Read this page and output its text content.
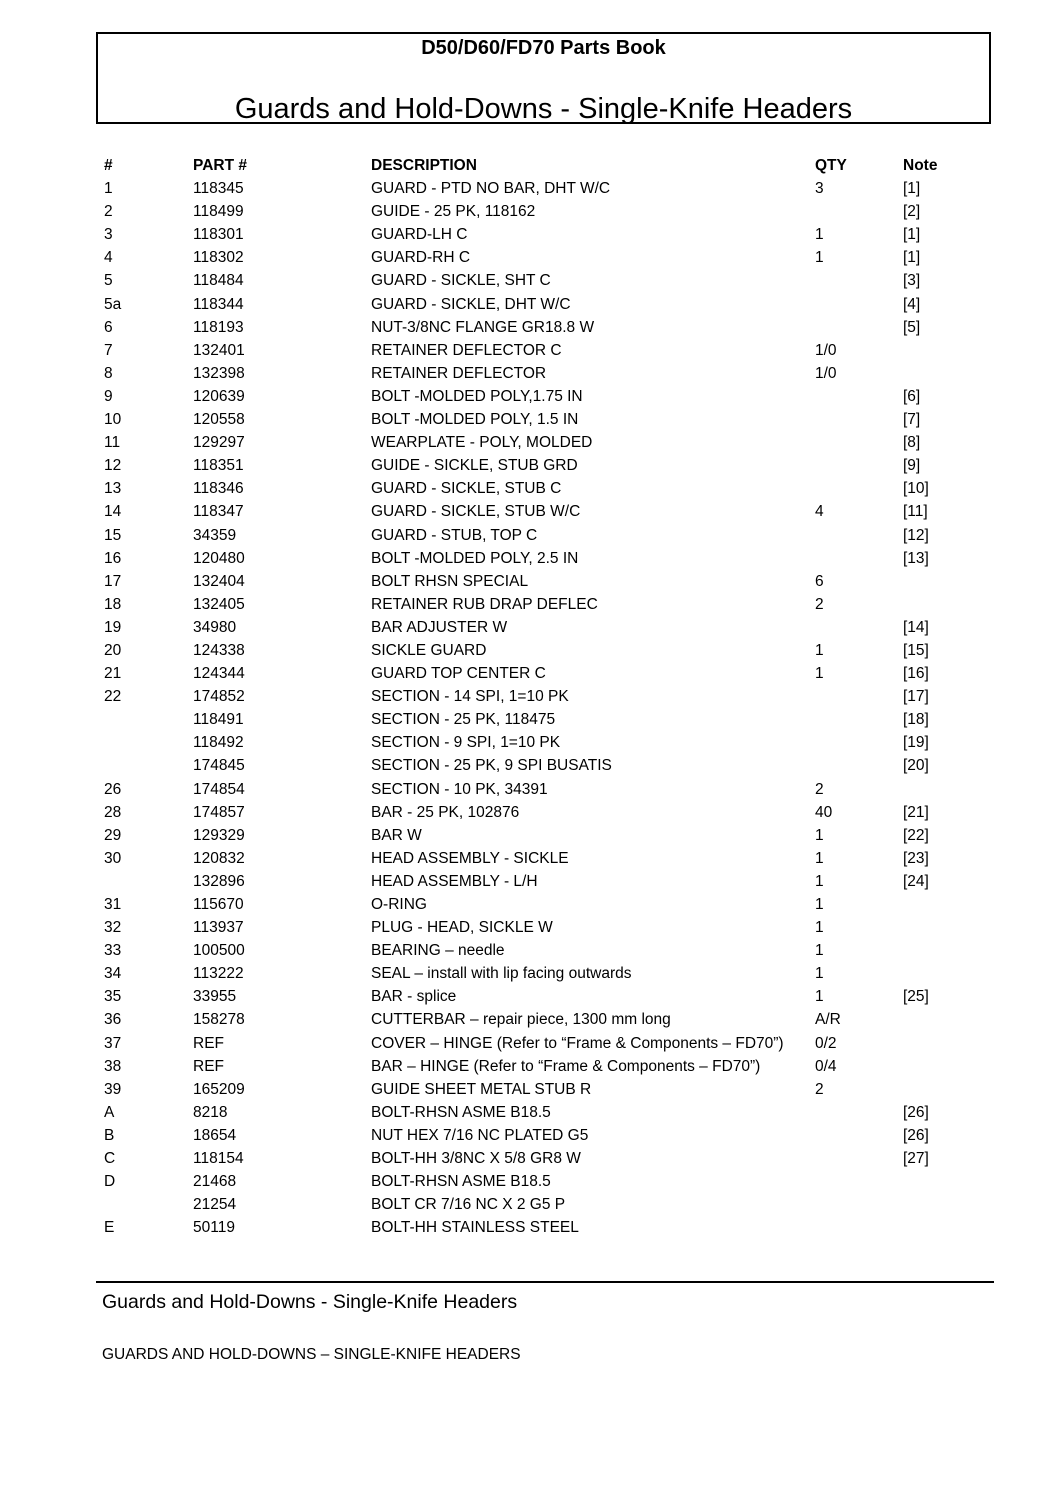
D50/D60/FD70 Parts Book
Guards and Hold-Downs - Single-Knife Headers
#	PART #	DESCRIPTION	QTY	Note
1	118345	GUARD - PTD NO BAR, DHT W/C	3	[1]
2	118499	GUIDE - 25 PK, 118162		[2]
3	118301	GUARD-LH C	1	[1]
4	118302	GUARD-RH C	1	[1]
5	118484	GUARD - SICKLE, SHT C		[3]
5a	118344	GUARD - SICKLE, DHT W/C		[4]
6	118193	NUT-3/8NC FLANGE GR18.8 W		[5]
7	132401	RETAINER DEFLECTOR C	1/0	
8	132398	RETAINER DEFLECTOR	1/0	
9	120639	BOLT -MOLDED POLY,1.75 IN		[6]
10	120558	BOLT -MOLDED POLY, 1.5 IN		[7]
11	129297	WEARPLATE - POLY, MOLDED		[8]
12	118351	GUIDE - SICKLE, STUB GRD		[9]
13	118346	GUARD - SICKLE, STUB C		[10]
14	118347	GUARD - SICKLE, STUB W/C	4	[11]
15	34359	GUARD - STUB, TOP C		[12]
16	120480	BOLT -MOLDED POLY, 2.5 IN		[13]
17	132404	BOLT RHSN SPECIAL	6	
18	132405	RETAINER RUB DRAP DEFLEC	2	
19	34980	BAR ADJUSTER W		[14]
20	124338	SICKLE GUARD	1	[15]
21	124344	GUARD TOP CENTER C	1	[16]
22	174852	SECTION - 14 SPI, 1=10 PK		[17]
	118491	SECTION - 25 PK, 118475		[18]
	118492	SECTION - 9 SPI, 1=10 PK		[19]
	174845	SECTION - 25 PK, 9 SPI BUSATIS		[20]
26	174854	SECTION - 10 PK, 34391	2	
28	174857	BAR - 25 PK, 102876	40	[21]
29	129329	BAR W	1	[22]
30	120832	HEAD ASSEMBLY - SICKLE	1	[23]
	132896	HEAD ASSEMBLY - L/H	1	[24]
31	115670	O-RING	1	
32	113937	PLUG - HEAD, SICKLE W	1	
33	100500	BEARING – needle	1	
34	113222	SEAL – install with lip facing outwards	1	
35	33955	BAR - splice	1	[25]
36	158278	CUTTERBAR – repair piece, 1300 mm long	A/R	
37	REF	COVER – HINGE (Refer to “Frame & Components – FD70”)	0/2	
38	REF	BAR – HINGE (Refer to “Frame & Components – FD70”)	0/4	
39	165209	GUIDE SHEET METAL STUB R	2	
A	8218	BOLT-RHSN ASME B18.5		[26]
B	18654	NUT HEX 7/16 NC PLATED G5		[26]
C	118154	BOLT-HH 3/8NC X 5/8 GR8 W		[27]
D	21468	BOLT-RHSN ASME B18.5		
	21254	BOLT CR 7/16 NC X 2 G5 P		
E	50119	BOLT-HH STAINLESS STEEL		
Guards and Hold-Downs - Single-Knife Headers
GUARDS AND HOLD-DOWNS – SINGLE-KNIFE HEADERS
